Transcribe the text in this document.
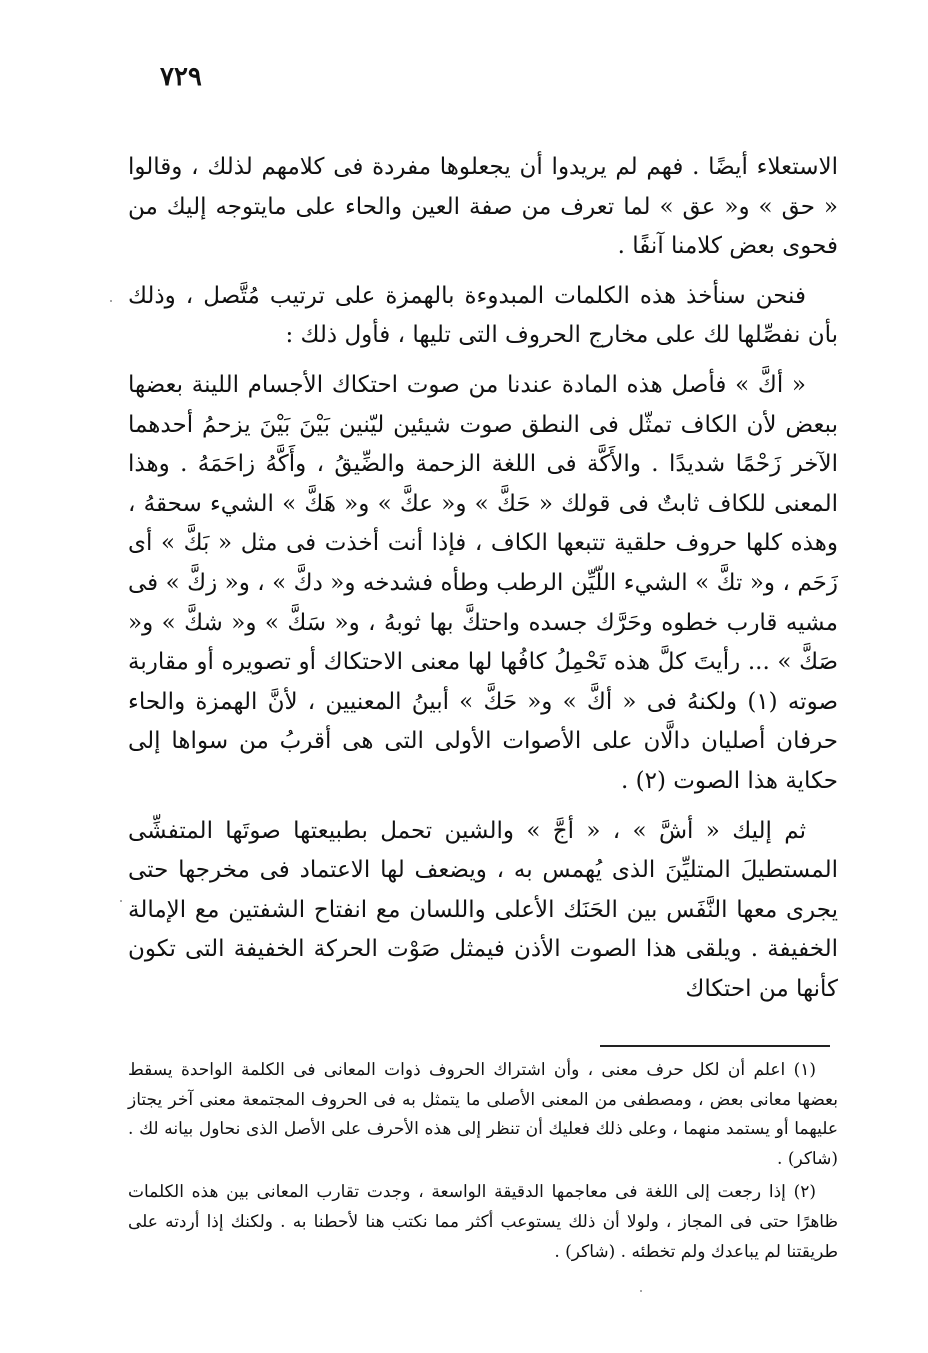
٧٢٩

الاستعلاء أيضًا . فهم لم يريدوا أن يجعلوها مفردة فى كلامهم لذلك ، وقالوا « حق » و« عق » لما تعرف من صفة العين والحاء على مايتوجه إليك من فحوى بعض كلامنا آنفًا .

فنحن سنأخذ هذه الكلمات المبدوءة بالهمزة على ترتيب مُتَّصل ، وذلك بأن نفصِّلها لك على مخارج الحروف التى تليها ، فأول ذلك :

« أكَّ » فأصل هذه المادة عندنا من صوت احتكاك الأجسام اللينة بعضها ببعض لأن الكاف تمثّل فى النطق صوت شيئين ليّنين بَيْنَ بَيْنَ يزحمُ أحدهما الآخر زَحْمًا شديدًا . والأَكَّة فى اللغة الزحمة والضِّيقُ ، وأَكَّهُ زاحَمَهُ . وهذا المعنى للكاف ثابتٌ فى قولك « حَكَّ » و« عكَّ » و« هَكَّ » الشيء سحقهُ ، وهذه كلها حروف حلقية تتبعها الكاف ، فإذا أنت أخذت فى مثل « بَكَّ » أى زَحَم ، و« تكَّ » الشيء اللّيِّن الرطب وطأه فشدخه و« دكَّ » ، و« زكَّ » فى مشيه قارب خطوه وحَرَّك جسده واحتكَّ بها ثوبهُ ، و« سَكَّ » و« شكَّ » و« صَكَّ » ... رأيتَ كلَّ هذه تَحْمِلُ كافُها لها معنى الاحتكاك أو تصويره أو مقاربة صوته (١) ولكنهُ فى « أكَّ » و« حَكَّ » أبينُ المعنيين ، لأنَّ الهمزة والحاء حرفان أصليان دالَّان على الأصوات الأولى التى هى أقربُ من سواها إلى حكاية هذا الصوت (٢) .

ثم إليك « أشَّ » ، « أجَّ » والشين تحمل بطبيعتها صوتَها المتفشِّى المستطيلَ المتليِّنَ الذى يُهمس به ، ويضعف لها الاعتماد فى مخرجها حتى يجرى معها النَّفَس بين الحَنَك الأعلى واللسان مع انفتاح الشفتين مع الإمالة الخفيفة . ويلقى هذا الصوت الأذن فيمثل صَوْت الحركة الخفيفة التى تكون كأنها من احتكاك

(١) اعلم أن لكل حرف معنى ، وأن اشتراك الحروف ذوات المعانى فى الكلمة الواحدة يسقط بعضها معانى بعض ، ومصطفى من المعنى الأصلى ما يتمثل به فى الحروف المجتمعة معنى آخر يجتاز عليهما أو يستمد منهما ، وعلى ذلك فعليك أن تنظر إلى هذه الأحرف على الأصل الذى نحاول بيانه لك . (شاكر) .

(٢) إذا رجعت إلى اللغة فى معاجمها الدقيقة الواسعة ، وجدت تقارب المعانى بين هذه الكلمات ظاهرًا حتى فى المجاز ، ولولا أن ذلك يستوعب أكثر مما نكتب هنا لأحطنا به . ولكنك إذا أردته على طريقتنا لم يباعدك ولم تخطئه . (شاكر) .
